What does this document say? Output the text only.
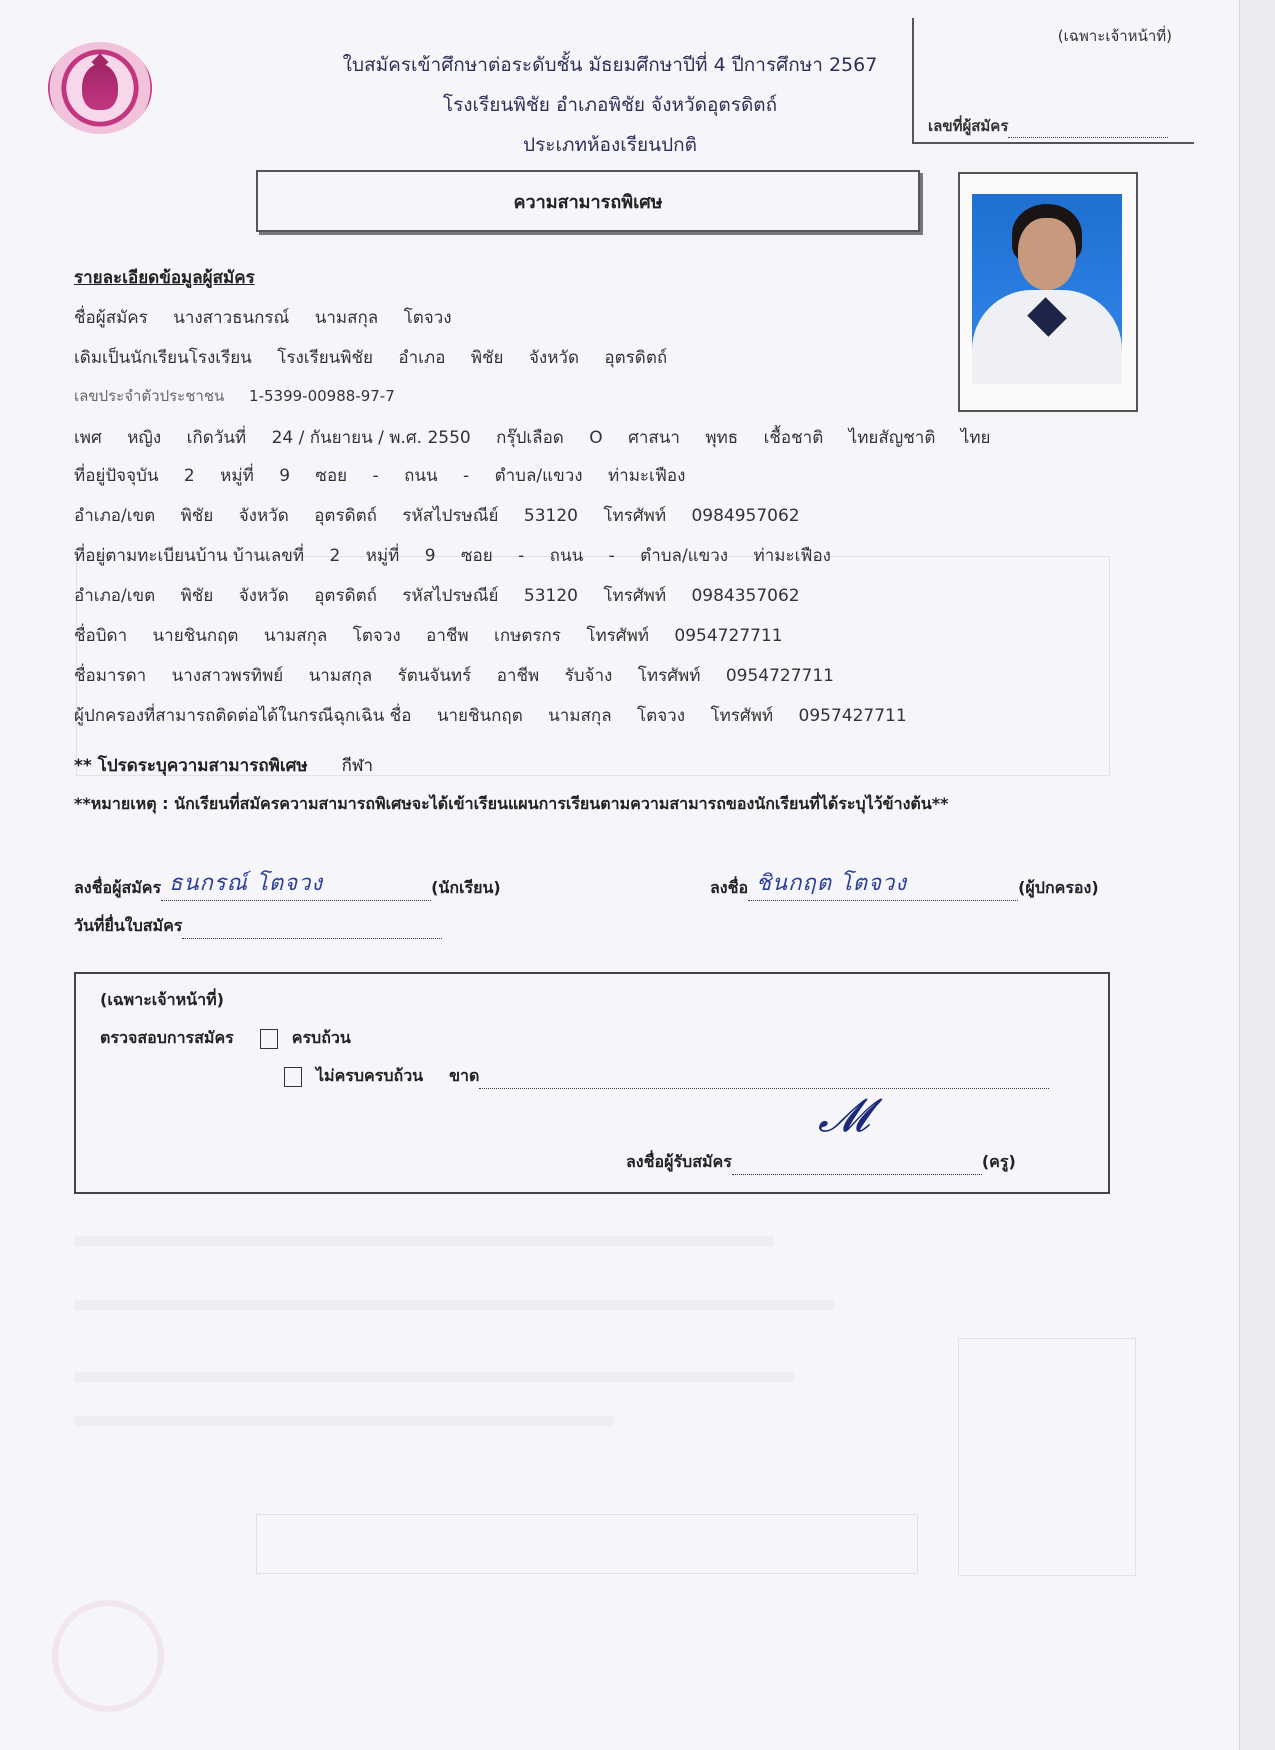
ใบสมัครเข้าศึกษาต่อระดับชั้น มัธยมศึกษาปีที่ 4 ปีการศึกษา 2567
โรงเรียนพิชัย อำเภอพิชัย จังหวัดอุตรดิตถ์
ประเภทห้องเรียนปกติ
(เฉพาะเจ้าหน้าที่)
เลขที่ผู้สมัคร
ความสามารถพิเศษ
รายละเอียดข้อมูลผู้สมัคร
ชื่อผู้สมัคร นางสาวธนกรณ์ นามสกุล โตจวง
เดิมเป็นนักเรียนโรงเรียน โรงเรียนพิชัย อำเภอ พิชัย จังหวัด อุตรดิตถ์
เลขประจำตัวประชาชน 1-5399-00988-97-7
เพศ หญิง เกิดวันที่ 24 / กันยายน / พ.ศ. 2550 กรุ๊ปเลือด O ศาสนา พุทธ เชื้อชาติ ไทยสัญชาติ ไทย
ที่อยู่ปัจจุบัน 2 หมู่ที่ 9 ซอย - ถนน - ตำบล/แขวง ท่ามะเฟือง
อำเภอ/เขต พิชัย จังหวัด อุตรดิตถ์ รหัสไปรษณีย์ 53120 โทรศัพท์ 0984957062
ที่อยู่ตามทะเบียนบ้าน บ้านเลขที่ 2 หมู่ที่ 9 ซอย - ถนน - ตำบล/แขวง ท่ามะเฟือง
อำเภอ/เขต พิชัย จังหวัด อุตรดิตถ์ รหัสไปรษณีย์ 53120 โทรศัพท์ 0984357062
ชื่อบิดา นายชินกฤต นามสกุล โตจวง อาชีพ เกษตรกร โทรศัพท์ 0954727711
ชื่อมารดา นางสาวพรทิพย์ นามสกุล รัตนจันทร์ อาชีพ รับจ้าง โทรศัพท์ 0954727711
ผู้ปกครองที่สามารถติดต่อได้ในกรณีฉุกเฉิน ชื่อ นายชินกฤต นามสกุล โตจวง โทรศัพท์ 0957427711
** โปรดระบุความสามารถพิเศษ กีฬา
**หมายเหตุ : นักเรียนที่สมัครความสามารถพิเศษจะได้เข้าเรียนแผนการเรียนตามความสามารถของนักเรียนที่ได้ระบุไว้ข้างต้น**
ลงชื่อผู้สมัคร ธนกรณ์ โตจวง	(นักเรียน)	ลงชื่อ ชินกฤต โตจวง	(ผู้ปกครอง)
วันที่ยื่นใบสมัคร
(เฉพาะเจ้าหน้าที่)
ตรวจสอบการสมัคร	ครบถ้วน
ไม่ครบครบถ้วน ขาด
ลงชื่อผู้รับสมัคร	(ครู)
𝓜
